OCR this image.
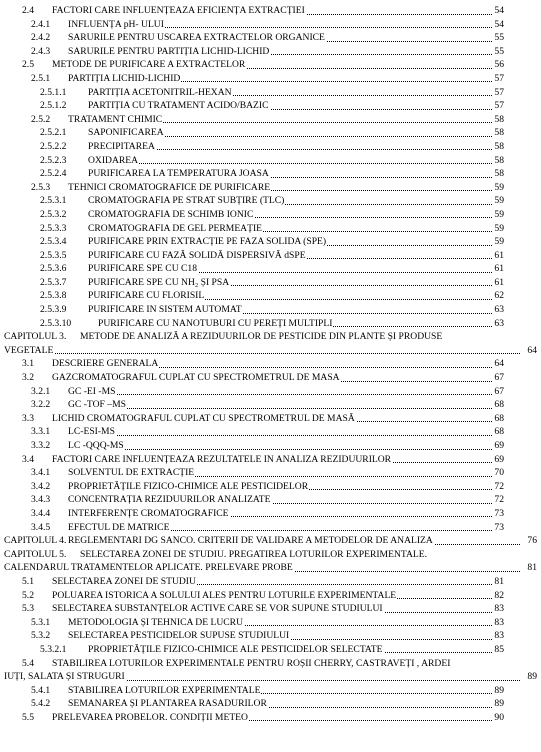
2.4 FACTORI CARE INFLUENȚEAZA EFICIENȚA EXTRACȚIEI	54
2.4.1 INFLUENȚA pH- ULUI	54
2.4.2 SARURILE PENTRU USCAREA EXTRACTELOR ORGANICE	55
2.4.3 SARURILE PENTRU PARTIȚIA LICHID-LICHID	55
2.5 METODE DE PURIFICARE A EXTRACTELOR	56
2.5.1 PARTIȚIA LICHID-LICHID	57
2.5.1.1 PARTIȚIA ACETONITRIL-HEXAN	57
2.5.1.2 PARTIȚIA CU TRATAMENT ACIDO/BAZIC	57
2.5.2 TRATAMENT CHIMIC	58
2.5.2.1 SAPONIFICAREA	58
2.5.2.2 PRECIPITAREA	58
2.5.2.3 OXIDAREA	58
2.5.2.4 PURIFICAREA LA TEMPERATURA JOASA	58
2.5.3 TEHNICI CROMATOGRAFICE DE PURIFICARE	59
2.5.3.1 CROMATOGRAFIA PE STRAT SUBȚIRE (TLC)	59
2.5.3.2 CROMATOGRAFIA DE SCHIMB IONIC	59
2.5.3.3 CROMATOGRAFIA DE GEL PERMEAȚIE	59
2.5.3.4 PURIFICARE PRIN EXTRACȚIE PE FAZA SOLIDA (SPE)	59
2.5.3.5 PURIFICARE CU FAZĂ SOLIDĂ DISPERSIVĂ dSPE	61
2.5.3.6 PURIFICARE SPE CU C18	61
2.5.3.7 PURIFICARE SPE CU NH₂ ȘI PSA	61
2.5.3.8 PURIFICARE CU FLORISIL	62
2.5.3.9 PURIFICARE IN SISTEM AUTOMAT	63
2.5.3.10	PURIFICARE CU NANOTUBURI CU PEREȚI MULTIPLI	63
CAPITOLUL 3. METODE DE ANALIZĂ A REZIDUURILOR DE PESTICIDE DIN PLANTE ȘI PRODUSE
VEGETALE	64
3.1 DESCRIERE GENERALA	64
3.2 GAZCROMATOGRAFUL CUPLAT CU SPECTROMETRUL DE MASA	67
3.2.1 GC -EI -MS	67
3.2.2 GC -TOF –MS	68
3.3 LICHID CROMATOGRAFUL CUPLAT CU SPECTROMETRUL DE MASĂ	68
3.3.1 LC-ESI-MS	68
3.3.2 LC -QQQ-MS	69
3.4 FACTORI CARE INFLUENȚEAZA REZULTATELE IN ANALIZA REZIDUURILOR	69
3.4.1 SOLVENTUL DE EXTRACȚIE	70
3.4.2 PROPRIETĂȚILE FIZICO-CHIMICE ALE PESTICIDELOR	72
3.4.3 CONCENTRAȚIA REZIDUURILOR ANALIZATE	72
3.4.4 INTERFERENȚE CROMATOGRAFICE	73
3.4.5 EFECTUL DE MATRICE	73
CAPITOLUL 4. REGLEMENTARI DG SANCO. CRITERII DE VALIDARE A METODELOR DE ANALIZA	76
CAPITOLUL 5. SELECTAREA ZONEI DE STUDIU. PREGATIREA LOTURILOR EXPERIMENTALE.
CALENDARUL TRATAMENTELOR APLICATE. PRELEVARE PROBE	81
5.1 SELECTAREA ZONEI DE STUDIU	81
5.2 POLUAREA ISTORICA A SOLULUI ALES PENTRU LOTURILE EXPERIMENTALE	82
5.3 SELECTAREA SUBSTANȚELOR ACTIVE CARE SE VOR SUPUNE STUDIULUI	83
5.3.1 METODOLOGIA ȘI TEHNICA DE LUCRU	83
5.3.2 SELECTAREA PESTICIDELOR SUPUSE STUDIULUI	83
5.3.2.1 PROPRIETĂȚILE FIZICO-CHIMICE ALE PESTICIDELOR SELECTATE	85
5.4 STABILIREA LOTURILOR EXPERIMENTALE PENTRU ROȘII CHERRY, CASTRAVEȚI , ARDEI
IUȚI, SALATA ȘI STRUGURI	89
5.4.1 STABILIREA LOTURILOR EXPERIMENTALE	89
5.4.2 SEMANAREA ȘI PLANTAREA RASADURILOR	89
5.5 PRELEVAREA PROBELOR. CONDIȚII METEO	90
